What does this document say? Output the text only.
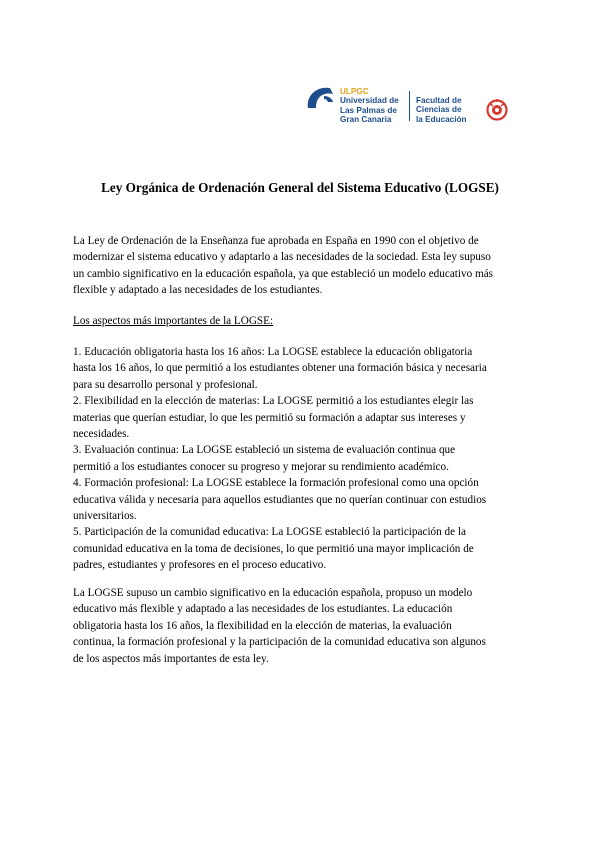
ULPGC
Universidad de
Las Palmas de
Gran Canaria
Facultad de
Ciencias de
la Educación
Ley Orgánica de Ordenación General del Sistema Educativo (LOGSE)
La Ley de Ordenación de la Enseñanza fue aprobada en España en 1990 con el objetivo de
modernizar el sistema educativo y adaptarlo a las necesidades de la sociedad. Esta ley supuso
un cambio significativo en la educación española, ya que estableció un modelo educativo más
flexible y adaptado a las necesidades de los estudiantes.
Los aspectos más importantes de la LOGSE:
1. Educación obligatoria hasta los 16 años: La LOGSE establece la educación obligatoria
hasta los 16 años, lo que permitió a los estudiantes obtener una formación básica y necesaria
para su desarrollo personal y profesional.
2. Flexibilidad en la elección de materias: La LOGSE permitió a los estudiantes elegir las
materias que querían estudiar, lo que les permitió su formación a adaptar sus intereses y
necesidades.
3. Evaluación continua: La LOGSE estableció un sistema de evaluación continua que
permitió a los estudiantes conocer su progreso y mejorar su rendimiento académico.
4. Formación profesional: La LOGSE establece la formación profesional como una opción
educativa válida y necesaria para aquellos estudiantes que no querían continuar con estudios
universitarios.
5. Participación de la comunidad educativa: La LOGSE estableció la participación de la
comunidad educativa en la toma de decisiones, lo que permitió una mayor implicación de
padres, estudiantes y profesores en el proceso educativo.
La LOGSE supuso un cambio significativo en la educación española, propuso un modelo
educativo más flexible y adaptado a las necesidades de los estudiantes. La educación
obligatoria hasta los 16 años, la flexibilidad en la elección de materias, la evaluación
continua, la formación profesional y la participación de la comunidad educativa son algunos
de los aspectos más importantes de esta ley.
